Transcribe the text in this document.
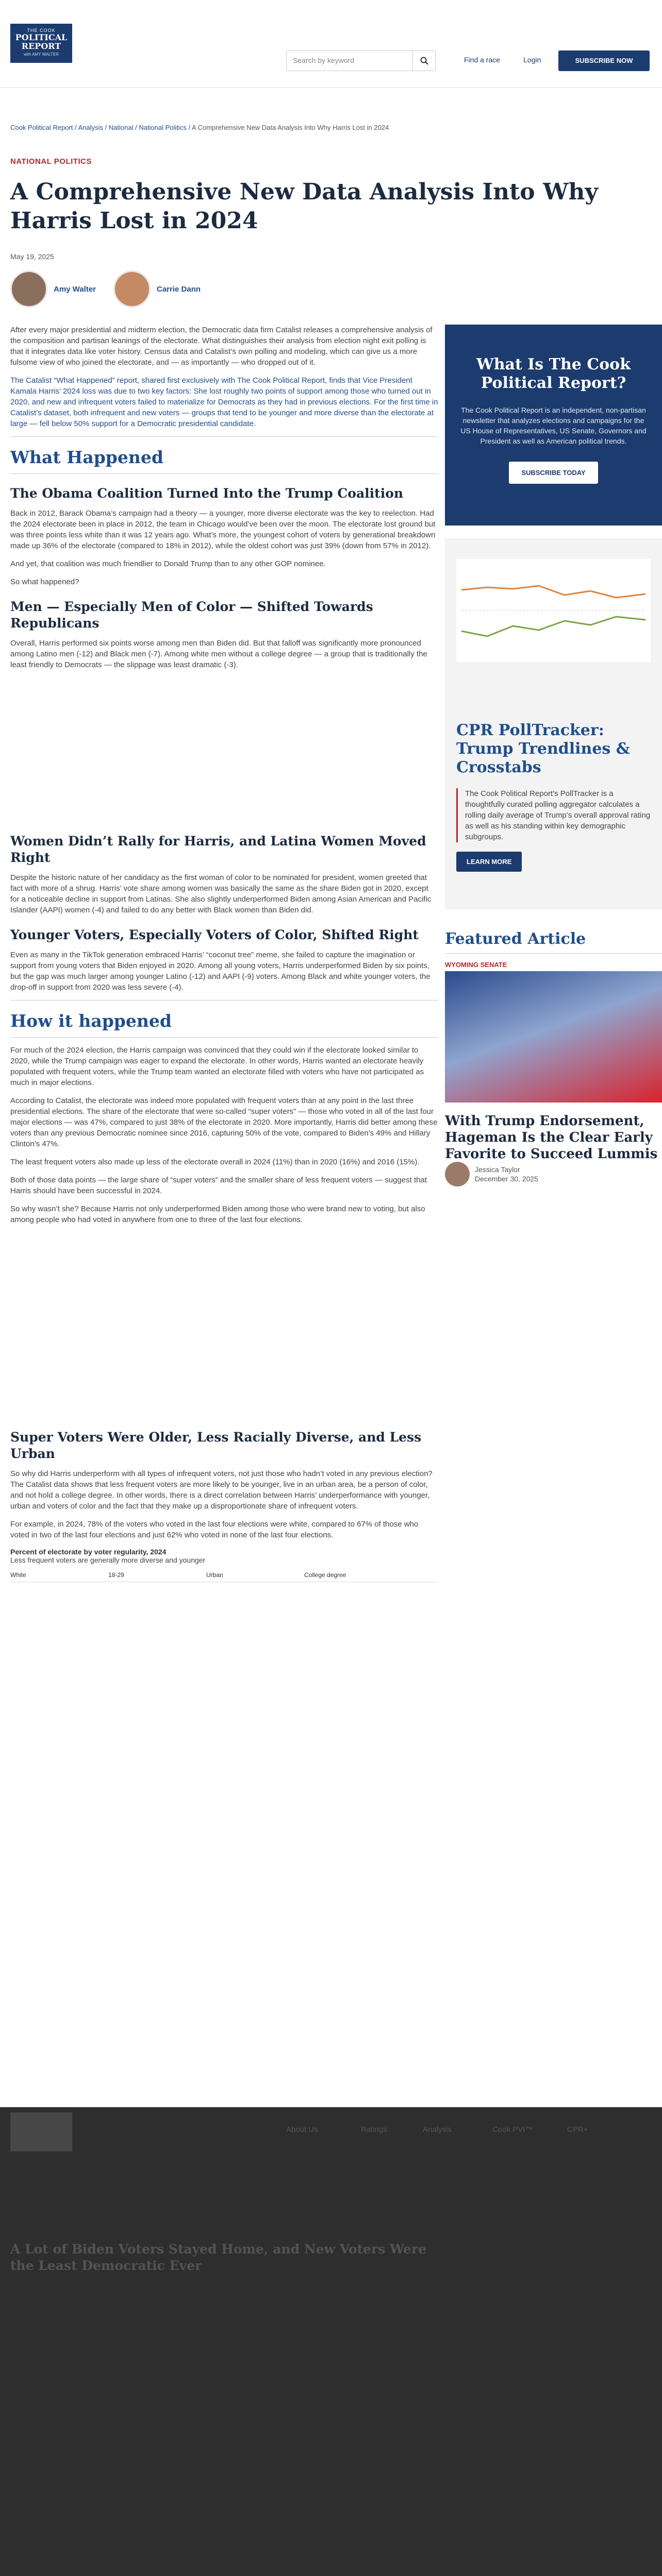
THE COOK
POLITICAL REPORT
with AMY WALTER
Search by keyword	Find a race	Login	SUBSCRIBE NOW
Cook Political Report / Analysis / National / National Politics / A Comprehensive New Data Analysis Into Why Harris Lost in 2024
NATIONAL POLITICS
A Comprehensive New Data Analysis Into Why Harris Lost in 2024
May 19, 2025
Amy Walter	Carrie Dann

After every major presidential and midterm election, the Democratic data firm Catalist releases a comprehensive analysis of the composition and partisan leanings of the electorate. What distinguishes their analysis from election night exit polling is that it integrates data like voter history. Census data and Catalist’s own polling and modeling, which can give us a more fulsome view of who joined the electorate, and — as importantly — who dropped out of it.

The Catalist “What Happened” report, shared first exclusively with The Cook Political Report, finds that Vice President Kamala Harris’ 2024 loss was due to two key factors: She lost roughly two points of support among those who turned out in 2020, and new and infrequent voters failed to materialize for Democrats as they had in previous elections. For the first time in Catalist’s dataset, both infrequent and new voters — groups that tend to be younger and more diverse than the electorate at large — fell below 50% support for a Democratic presidential candidate.

What Happened
The Obama Coalition Turned Into the Trump Coalition

Back in 2012, Barack Obama’s campaign had a theory — a younger, more diverse electorate was the key to reelection. Had the 2024 electorate been in place in 2012, the team in Chicago would’ve been over the moon. The electorate lost ground but was three points less white than it was 12 years ago. What’s more, the youngest cohort of voters by generational breakdown made up 36% of the electorate (compared to 18% in 2012), while the oldest cohort was just 39% (down from 57% in 2012).

And yet, that coalition was much friendlier to Donald Trump than to any other GOP nominee.

So what happened?

Men — Especially Men of Color — Shifted Towards Republicans

Overall, Harris performed six points worse among men than Biden did. But that falloff was significantly more pronounced among Latino men (-12) and Black men (-7). Among white men without a college degree — a group that is traditionally the least friendly to Democrats — the slippage was least dramatic (-3).

Women Didn’t Rally for Harris, and Latina Women Moved Right

Despite the historic nature of her candidacy as the first woman of color to be nominated for president, women greeted that fact with more of a shrug. Harris’ vote share among women was basically the same as the share Biden got in 2020, except for a noticeable decline in support from Latinas. She also slightly underperformed Biden among Asian American and Pacific Islander (AAPI) women (-4) and failed to do any better with Black women than Biden did.

Younger Voters, Especially Voters of Color, Shifted Right

Even as many in the TikTok generation embraced Harris’ “coconut tree” meme, she failed to capture the imagination or support from young voters that Biden enjoyed in 2020. Among all young voters, Harris underperformed Biden by six points, but the gap was much larger among younger Latino (-12) and AAPI (-9) voters. Among Black and white younger voters, the drop-off in support from 2020 was less severe (-4).

How it happened

For much of the 2024 election, the Harris campaign was convinced that they could win if the electorate looked similar to 2020, while the Trump campaign was eager to expand the electorate. In other words, Harris wanted an electorate heavily populated with frequent voters, while the Trump team wanted an electorate filled with voters who have not participated as much in major elections.

According to Catalist, the electorate was indeed more populated with frequent voters than at any point in the last three presidential elections. The share of the electorate that were so-called “super voters” — those who voted in all of the last four major elections — was 47%, compared to just 38% of the electorate in 2020. More importantly, Harris did better among these voters than any previous Democratic nominee since 2016, capturing 50% of the vote, compared to Biden’s 49% and Hillary Clinton’s 47%.

The least frequent voters also made up less of the electorate overall in 2024 (11%) than in 2020 (16%) and 2016 (15%).

Both of those data points — the large share of “super voters” and the smaller share of less frequent voters — suggest that Harris should have been successful in 2024.

So why wasn’t she? Because Harris not only underperformed Biden among those who were brand new to voting, but also among people who had voted in anywhere from one to three of the last four elections.

Super Voters Were Older, Less Racially Diverse, and Less Urban

So why did Harris underperform with all types of infrequent voters, not just those who hadn’t voted in any previous election? The Catalist data shows that less frequent voters are more likely to be younger, live in an urban area, be a person of color, and not hold a college degree. In other words, there is a direct correlation between Harris’ underperformance with younger, urban and voters of color and the fact that they make up a disproportionate share of infrequent voters.

For example, in 2024, 78% of the voters who voted in the last four elections were white, compared to 67% of those who voted in two of the last four elections and just 62% who voted in none of the last four elections.

Percent of electorate by voter regularity, 2024
Less frequent voters are generally more diverse and younger
White	18-29	Urban	College degree
What Is The Cook Political Report?
The Cook Political Report is an independent, non-partisan newsletter that analyzes elections and campaigns for the US House of Representatives, US Senate, Governors and President as well as American political trends.
SUBSCRIBE TODAY
CPR PollTracker: Trump Trendlines & Crosstabs
The Cook Political Report’s PollTracker is a thoughtfully curated polling aggregator calculates a rolling daily average of Trump’s overall approval rating as well as his standing within key demographic subgroups.
LEARN MORE
Featured Article
WYOMING SENATE
With Trump Endorsement, Hageman Is the Clear Early Favorite to Succeed Lummis
Jessica Taylor
December 30, 2025
About Us	Ratings	Analysis	Cook PVI™	CPR+
A Lot of Biden Voters Stayed Home, and New Voters Were the Least Democratic Ever
